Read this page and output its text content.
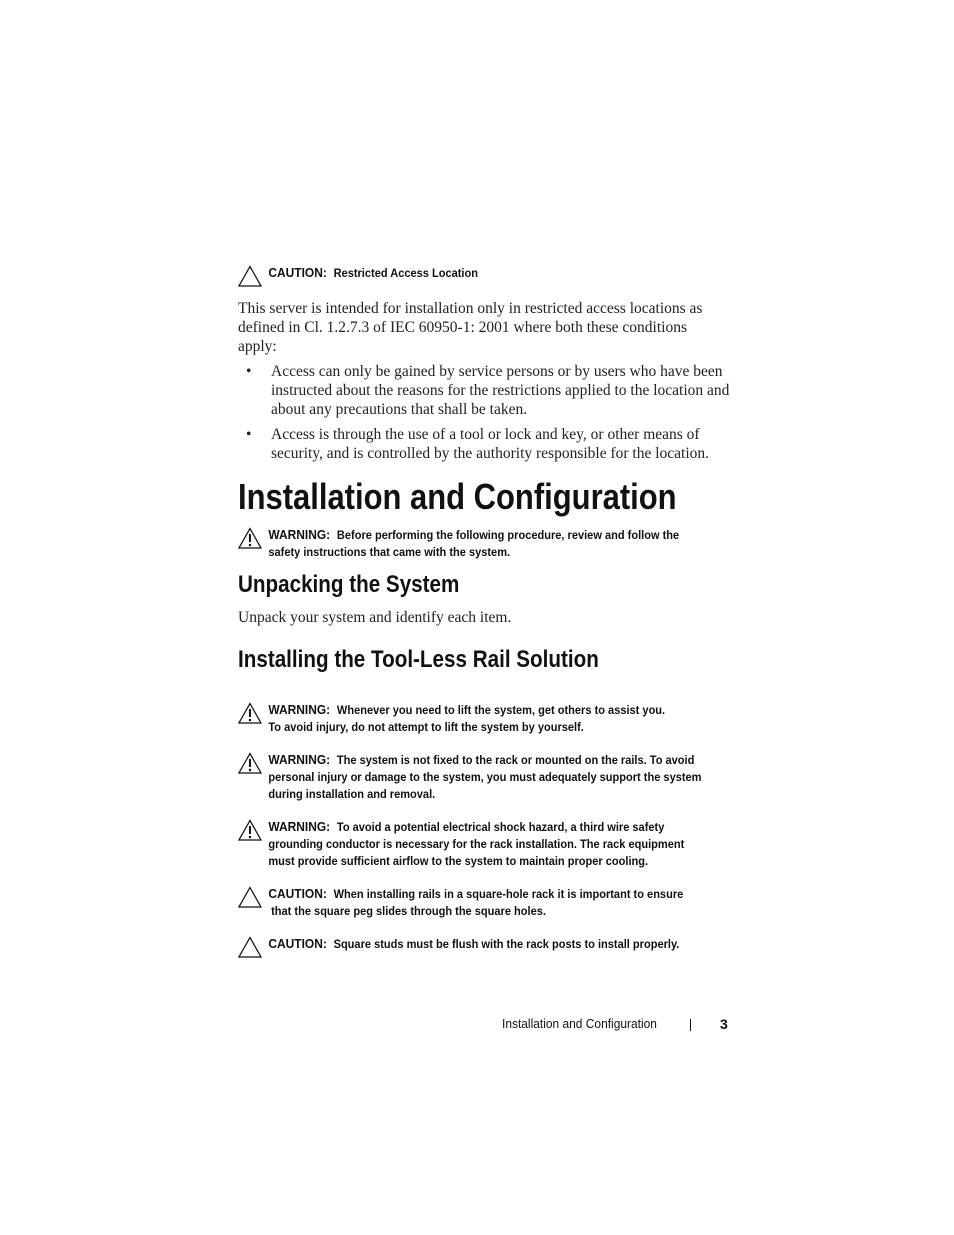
CAUTION: Restricted Access Location
This server is intended for installation only in restricted access locations as
defined in Cl. 1.2.7.3 of IEC 60950-1: 2001 where both these conditions
apply:
• Access can only be gained by service persons or by users who have been
instructed about the reasons for the restrictions applied to the location and
about any precautions that shall be taken.
• Access is through the use of a tool or lock and key, or other means of
security, and is controlled by the authority responsible for the location.
Installation and Configuration
WARNING: Before performing the following procedure, review and follow the
safety instructions that came with the system.
Unpacking the System
Unpack your system and identify each item.
Installing the Tool-Less Rail Solution
WARNING: Whenever you need to lift the system, get others to assist you.
To avoid injury, do not attempt to lift the system by yourself.
WARNING: The system is not fixed to the rack or mounted on the rails. To avoid
personal injury or damage to the system, you must adequately support the system
during installation and removal.
WARNING: To avoid a potential electrical shock hazard, a third wire safety
grounding conductor is necessary for the rack installation. The rack equipment
must provide sufficient airflow to the system to maintain proper cooling.
CAUTION: When installing rails in a square-hole rack it is important to ensure
that the square peg slides through the square holes.
CAUTION: Square studs must be flush with the rack posts to install properly.
Installation and Configuration	3
